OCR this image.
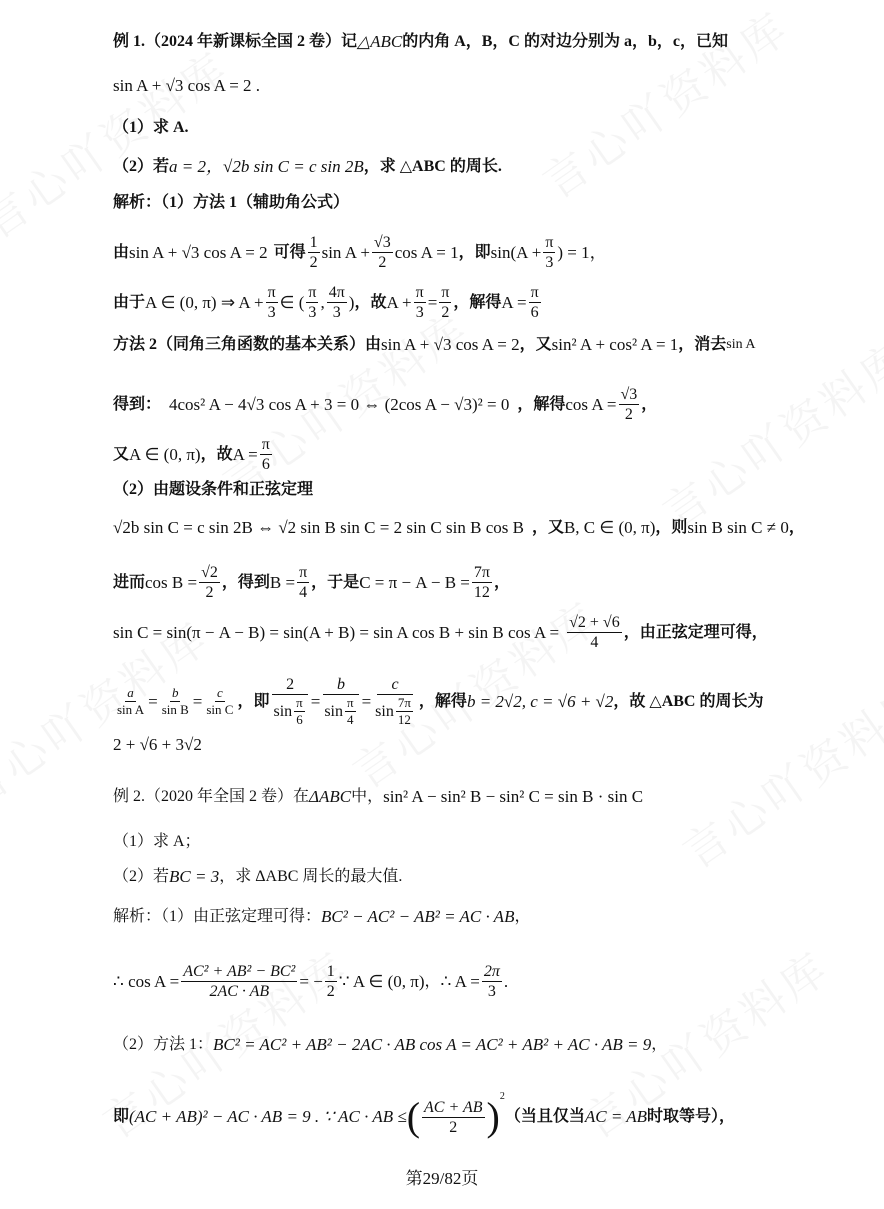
例 1.（2024 年新课标全国 2 卷）记 △ABC 的内角 A，B，C 的对边分别为 a，b，c，已知
sin A + √3 cos A = 2 .
（1）求 A.
（2）若 a = 2，√2b sin C = c sin 2B ，求 △ABC 的周长.
解析：（1）方法 1（辅助角公式）
由 sin A + √3 cos A = 2 可得 $\frac{1}{2}$ $\sin A + \frac{√3}{2}$ cos A = 1 ，即 $\sin(A + \frac{\pi}{3}$ ) = 1，
由于 A ∈ (0, π) ⇒ $A + \frac{\pi}{3}$ ∈ ( $\frac{\pi}{3}$ , $\frac{4\pi}{3}$ ) ，故 $A + \frac{\pi}{3} = \frac{\pi}{2}$ ，解得 $A = \frac{\pi}{6}$
方法 2（同角三角函数的基本关系） 由 sin A + √3 cos A = 2 ，又 sin² A + cos² A = 1 ，消去 sin A
得到： 4cos² A − 4√3 cos A + 3 = 0 ⇔ (2cos A − √3)² = 0 ，解得 $\cos A = \frac{√3}{2}$ ，
又 A ∈ (0, π) ，故 $A = \frac{\pi}{6}$
（2）由题设条件和正弦定理
√2b sin C = c sin 2B ⇔ √2 sin B sin C = 2 sin C sin B cos B ，又 B, C ∈ (0, π) ，则 sin B sin C ≠ 0 ，
进而 $\cos B = \frac{√2}{2}$ ，得到 $B = \frac{\pi}{4}$ ，于是 $C = \pi - A - B = \frac{7\pi}{12}$ ，
sin C = sin(π − A − B) = sin(A + B) = sin A cos B + sin B $\cos A = \frac{√2 + √6}{4}$ ，由正弦定理可得，
$\frac{a}{\text{sin A}} = \frac{b}{\text{sin B}} = \frac{c}{\text{sin C}}$ ，即 $\frac{2}{\sin \frac{\pi}{6}} = \frac{b}{\sin \frac{\pi}{4}} = \frac{c}{\sin \frac{7\pi}{12}}$ ，解得 b = 2√2, c = √6 + √2 ，故 △ABC 的周长为
2 + √6 + 3√2
例 2.（2020 年全国 2 卷）在 ΔABC 中， sin² A − sin² B − sin² C = sin B · sin C
（1）求 A；
（2）若 BC = 3 ，求 ΔABC 周长的最大值.
解析：（1）由正弦定理可得： BC² − AC² − AB² = AC · AB ，
∴ $\cos A = \frac{\text{AC² + AB² − BC²}}{2AC \cdot AB}$ = − $\frac{1}{2}$ ∵ A ∈ (0, π) ， ∴ $A = \frac{2\pi}{3}$ .
（2）方法 1： BC² = AC² + AB² − 2AC · AB cos A = AC² + AB² + AC · AB = 9 ，
即 (AC + AB)² − AC · AB = 9 . ∵ AC · AB ≤ ( $\frac{AC + AB}{2} )^2$
（当且仅当 AC = AB 时取等号），
第29/82页
